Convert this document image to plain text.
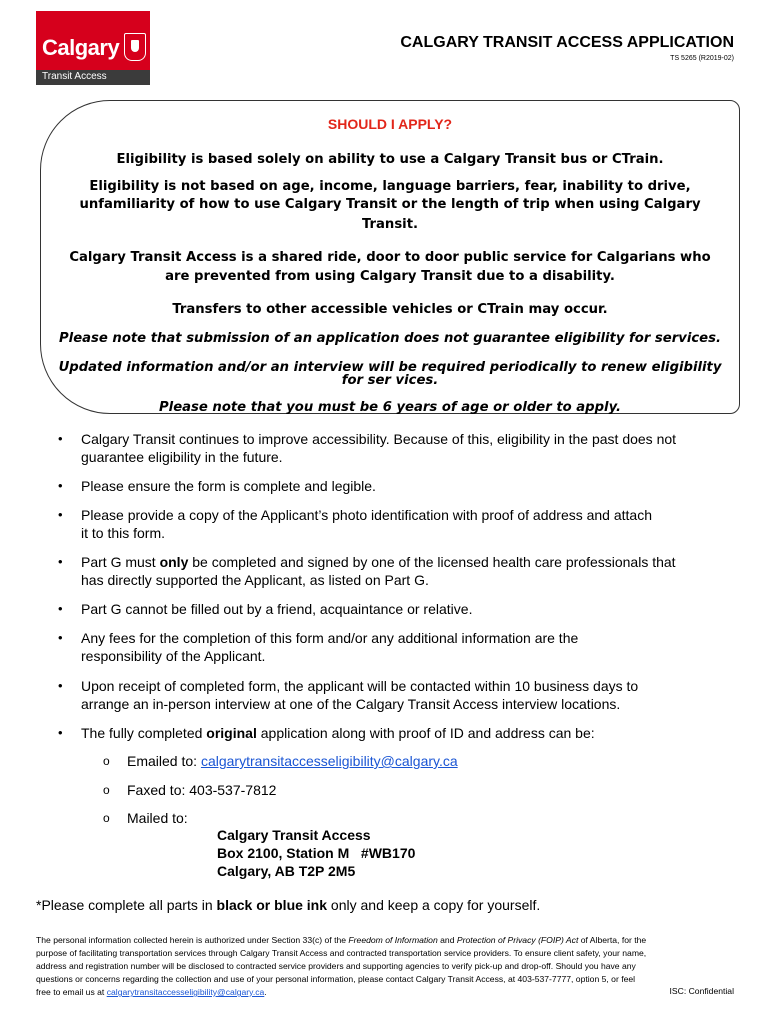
Calgary
Transit Access
CALGARY TRANSIT ACCESS APPLICATION
TS 5265 (R2019-02)
SHOULD I APPLY?
Eligibility is based solely on ability to use a Calgary Transit bus or CTrain.
Eligibility is not based on age, income, language barriers, fear, inability to drive,
unfamiliarity of how to use Calgary Transit or the length of trip when using Calgary
Transit.
Calgary Transit Access is a shared ride, door to door public service for Calgarians who
are prevented from using Calgary Transit due to a disability.
Transfers to other accessible vehicles or CTrain may occur.
Please note that submission of an application does not guarantee eligibility for services.
Updated information and/or an interview will be required periodically to renew eligibility
for ser vices.
Please note that you must be 6 years of age or older to apply.
• Calgary Transit continues to improve accessibility. Because of this, eligibility in the past does not
guarantee eligibility in the future.
• Please ensure the form is complete and legible.
• Please provide a copy of the Applicant’s photo identification with proof of address and attach
it to this form.
• Part G must only be completed and signed by one of the licensed health care professionals that
has directly supported the Applicant, as listed on Part G.
• Part G cannot be filled out by a friend, acquaintance or relative.
• Any fees for the completion of this form and/or any additional information are the
responsibility of the Applicant.
• Upon receipt of completed form, the applicant will be contacted within 10 business days to
arrange an in-person interview at one of the Calgary Transit Access interview locations.
• The fully completed original application along with proof of ID and address can be:
o Emailed to: calgarytransitaccesseligibility@calgary.ca
o Faxed to: 403-537-7812
o Mailed to:
Calgary Transit Access
Box 2100, Station M   #WB170
Calgary, AB T2P 2M5
*Please complete all parts in black or blue ink only and keep a copy for yourself.
The personal information collected herein is authorized under Section 33(c) of the Freedom of Information and Protection of Privacy (FOIP) Act of Alberta, for the
purpose of facilitating transportation services through Calgary Transit Access and contracted transportation service providers. To ensure client safety, your name,
address and registration number will be disclosed to contracted service providers and supporting agencies to verify pick-up and drop-off. Should you have any
questions or concerns regarding the collection and use of your personal information, please contact Calgary Transit Access, at 403-537-7777, option 5, or feel
free to email us at calgarytransitaccesseligibility@calgary.ca.	ISC: Confidential
